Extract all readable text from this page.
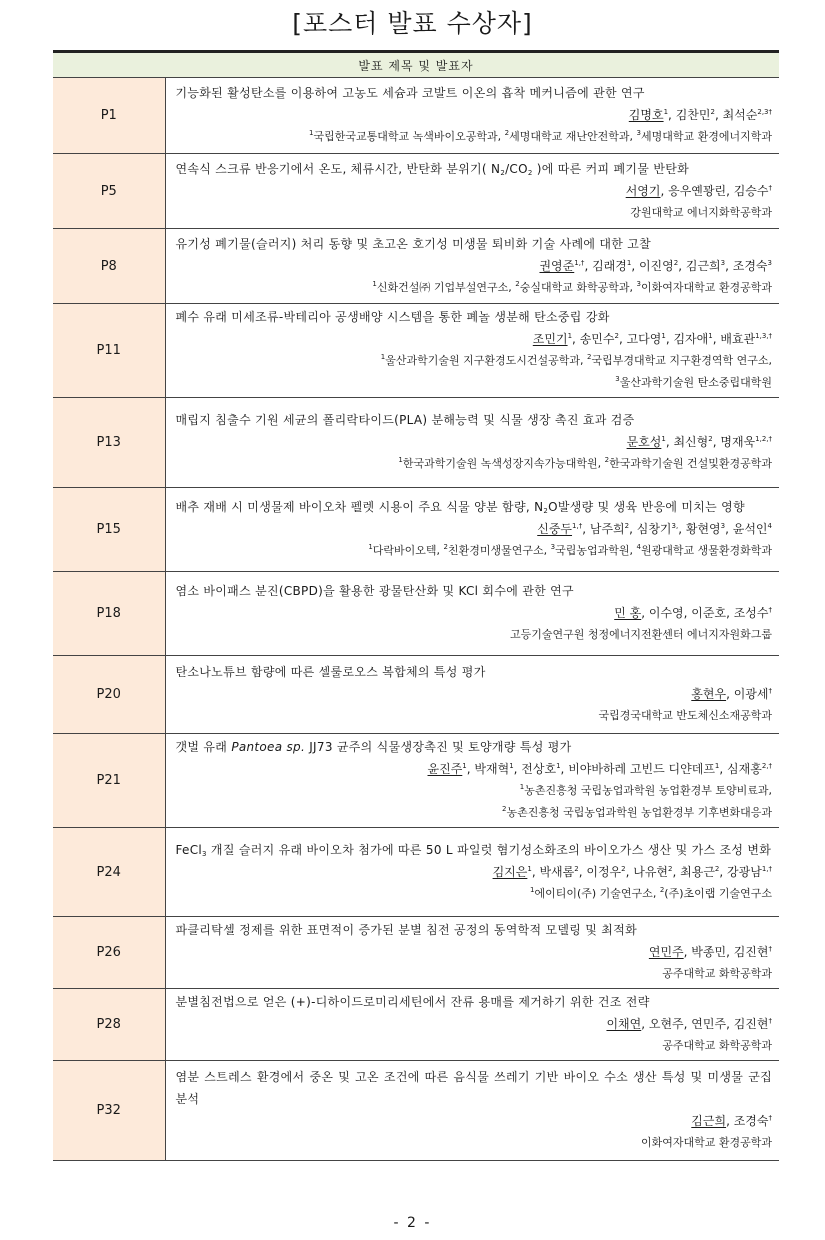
[포스터 발표 수상자]
발표 제목 및 발표자	
P1	기능화된 활성탄소를 이용하여 고농도 세슘과 코발트 이온의 흡착 메커니즘에 관한 연구
김명호$^1$, 김찬민$^2$, 최석순$^{2,3\dagger}$
$^1$국립한국교통대학교 녹색바이오공학과, $^2$세명대학교 재난안전학과, $^3$세명대학교 환경에너지학과

P5	연속식 스크류 반응기에서 온도, 체류시간, 반탄화 분위기( $N_2/CO_2$ )에 따른 커피 폐기물 반탄화
서영기, 응우옌꽝린, 김승수†
강원대학교 에너지화학공학과

P8	유기성 폐기물(슬러지) 처리 동향 및 초고온 호기성 미생물 퇴비화 기술 사례에 대한 고찰
권영준$^{1,\dagger}$, 김래경$^1$, 이진영$^2$, 김근희$^3$, 조경숙$^3$
$^1$신화건설㈜ 기업부설연구소, $^2$숭실대학교 화학공학과, $^3$이화여자대학교 환경공학과

P11	폐수 유래 미세조류-박테리아 공생배양 시스템을 통한 폐놀 생분해 탄소중립 강화
조민기$^1$, 송민수$^2$, 고다영$^1$, 김자애$^1$, 배효관$^{1,3,\dagger}$
$^1$울산과학기술원 지구환경도시건설공학과, $^2$국립부경대학교 지구환경역학 연구소,
$^3$울산과학기술원 탄소중립대학원

P13	매립지 침출수 기원 세균의 폴리락타이드(PLA) 분해능력 및 식물 생장 촉진 효과 검증
문호성$^1$, 최신형$^2$, 명재욱$^{1,2,\dagger}$
$^1$한국과학기술원 녹색성장지속가능대학원, $^2$한국과학기술원 건설및환경공학과

P15	배추 재배 시 미생물제 바이오차 펠렛 시용이 주요 식물 양분 함량, $N_2O$발생량 및 생육 반응에 미치는 영향
신중두$^{1,\dagger}$, 남주희$^2$, 심창기$^{3,}$, 황현영$^3$, 윤석인$^4$
$^1$다락바이오텍, $^2$친환경미생물연구소, $^3$국립농업과학원, $^4$원광대학교 생물환경화학과

P18	염소 바이패스 분진(CBPD)을 활용한 광물탄산화 및 KCl 회수에 관한 연구
민 홍, 이수영, 이준호, 조성수†
고등기술연구원 청정에너지전환센터 에너지자원화그룹

P20	탄소나노튜브 함량에 따른 셀룰로오스 복합체의 특성 평가
홍현우, 이광세†
국립경국대학교 반도체신소재공학과

P21	갯벌 유래 Pantoea sp. JJ73 균주의 식물생장촉진 및 토양개량 특성 평가
윤진주$^1$, 박재혁$^1$, 전상호$^1$, 비야바하레 고빈드 디얀데프$^1$, 심재홍$^{2,\dagger}$
$^1$농촌진흥청 국립농업과학원 농업환경부 토양비료과,
$^2$농촌진흥청 국립농업과학원 농업환경부 기후변화대응과

P24	FeCl$_3$ 개질 슬러지 유래 바이오차 첨가에 따른 50 L 파일럿 혐기성소화조의 바이오가스 생산 및 가스 조성 변화
김지은$^1$, 박새롬$^2$, 이정우$^2$, 나유현$^2$, 최용근$^2$, 강광남$^{1,\dagger}$
$^1$에이티이(주) 기술연구소, $^2$(주)초이랩 기술연구소

P26	파클리탁셀 정제를 위한 표면적이 증가된 분별 침전 공정의 동역학적 모델링 및 최적화
연민주, 박종민, 김진현†
공주대학교 화학공학과

P28	분별침전법으로 얻은 (+)-디하이드로미리세틴에서 잔류 용매를 제거하기 위한 건조 전략
이채연, 오현주, 연민주, 김진현†
공주대학교 화학공학과

P32	염분 스트레스 환경에서 중온 및 고온 조건에 따른 음식물 쓰레기 기반 바이오 수소 생산 특성 및 미생물 군집 분석
김근희, 조경숙†
이화여자대학교 환경공학과
- 2 -
